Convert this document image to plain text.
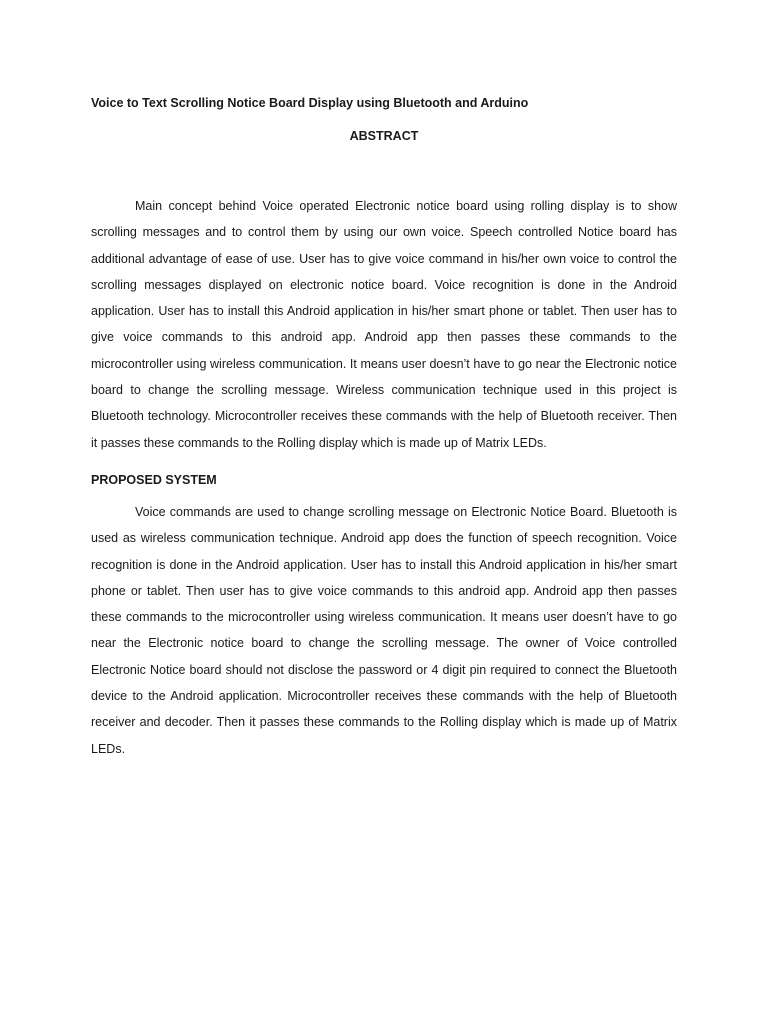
Voice to Text Scrolling Notice Board Display using Bluetooth and Arduino
ABSTRACT

Main concept behind Voice operated Electronic notice board using rolling display is to show scrolling messages and to control them by using our own voice. Speech controlled Notice board has additional advantage of ease of use. User has to give voice command in his/her own voice to control the scrolling messages displayed on electronic notice board. Voice recognition is done in the Android application. User has to install this Android application in his/her smart phone or tablet. Then user has to give voice commands to this android app. Android app then passes these commands to the microcontroller using wireless communication. It means user doesn’t have to go near the Electronic notice board to change the scrolling message. Wireless communication technique used in this project is Bluetooth technology. Microcontroller receives these commands with the help of Bluetooth receiver. Then it passes these commands to the Rolling display which is made up of Matrix LEDs.

PROPOSED SYSTEM

Voice commands are used to change scrolling message on Electronic Notice Board. Bluetooth is used as wireless communication technique. Android app does the function of speech recognition. Voice recognition is done in the Android application. User has to install this Android application in his/her smart phone or tablet. Then user has to give voice commands to this android app. Android app then passes these commands to the microcontroller using wireless communication. It means user doesn’t have to go near the Electronic notice board to change the scrolling message. The owner of Voice controlled Electronic Notice board should not disclose the password or 4 digit pin required to connect the Bluetooth device to the Android application. Microcontroller receives these commands with the help of Bluetooth receiver and decoder. Then it passes these commands to the Rolling display which is made up of Matrix LEDs.
